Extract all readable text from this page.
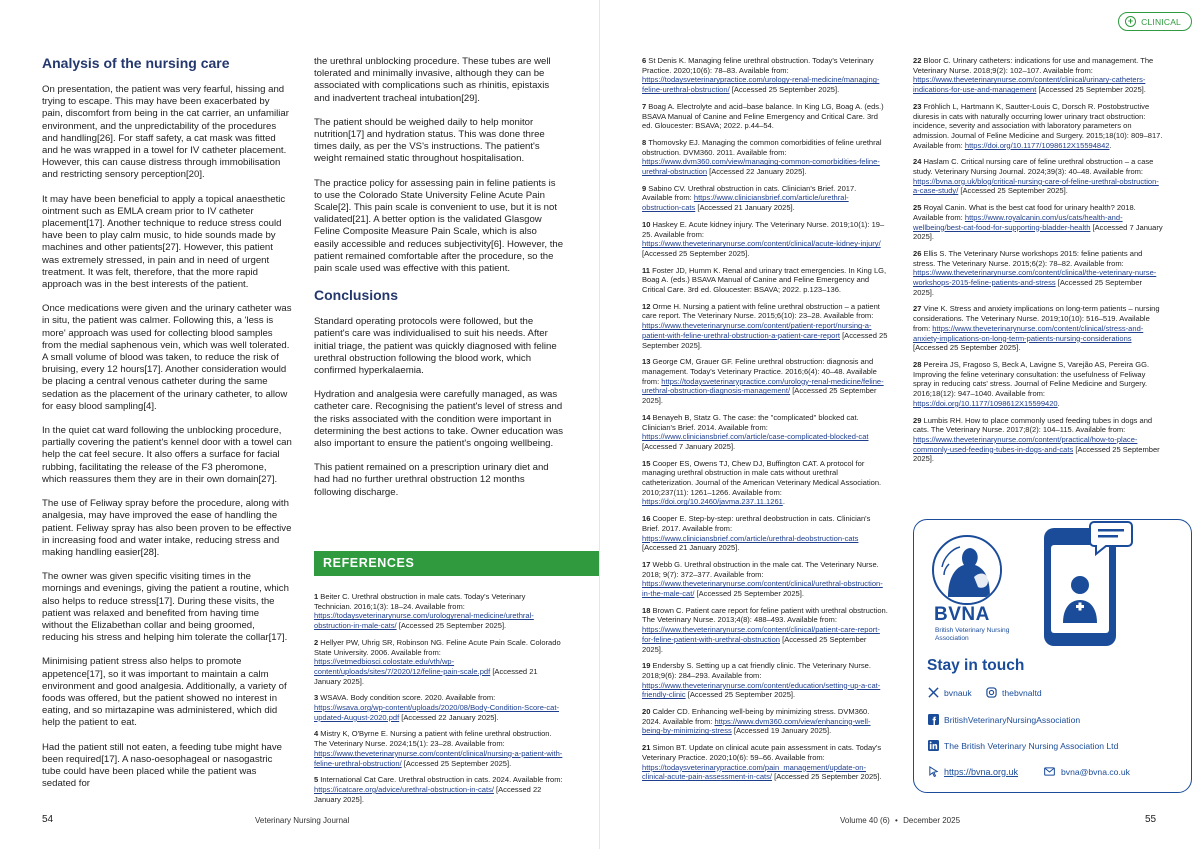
Analysis of the nursing care

On presentation, the patient was very fearful, hissing and trying to escape. This may have been exacerbated by pain, discomfort from being in the cat carrier, an unfamiliar environment, and the unpredictability of the procedures and handling[26]. For staff safety, a cat mask was fitted and he was wrapped in a towel for IV catheter placement. However, this can cause distress through immobilisation and restricting sensory perception[20].

It may have been beneficial to apply a topical anaesthetic ointment such as EMLA cream prior to IV catheter placement[17]. Another technique to reduce stress could have been to play calm music, to hide sounds made by machines and other patients[27]. However, this patient was extremely stressed, in pain and in need of urgent treatment. It was felt, therefore, that the more rapid approach was in the best interests of the patient.

Once medications were given and the urinary catheter was in situ, the patient was calmer. Following this, a 'less is more' approach was used for collecting blood samples from the medial saphenous vein, which was well tolerated. A small volume of blood was taken, to reduce the risk of bruising, every 12 hours[17]. Another consideration would be placing a central venous catheter during the same sedation as the placement of the urinary catheter, to allow for easy blood sampling[4].

In the quiet cat ward following the unblocking procedure, partially covering the patient's kennel door with a towel can help the cat feel secure. It also offers a surface for facial rubbing, facilitating the release of the F3 pheromone, which reassures them they are in their own domain[27].

The use of Feliway spray before the procedure, along with analgesia, may have improved the ease of handling the patient. Feliway spray has also been proven to be effective in increasing food and water intake, reducing stress and making handling easier[28].

The owner was given specific visiting times in the mornings and evenings, giving the patient a routine, which also helps to reduce stress[17]. During these visits, the patient was relaxed and benefited from having time without the Elizabethan collar and being groomed, reducing his stress and helping him tolerate the collar[17].

Minimising patient stress also helps to promote appetence[17], so it was important to maintain a calm environment and good analgesia. Additionally, a variety of foods was offered, but the patient showed no interest in eating, and so mirtazapine was administered, which did help the patient to eat.

Had the patient still not eaten, a feeding tube might have been required[17]. A naso-oesophageal or nasogastric tube could have been placed while the patient was sedated for

the urethral unblocking procedure. These tubes are well tolerated and minimally invasive, although they can be associated with complications such as rhinitis, epistaxis and inadvertent tracheal intubation[29].

The patient should be weighed daily to help monitor nutrition[17] and hydration status. This was done three times daily, as per the VS's instructions. The patient's weight remained static throughout hospitalisation.

The practice policy for assessing pain in feline patients is to use the Colorado State University Feline Acute Pain Scale[2]. This pain scale is convenient to use, but it is not validated[21]. A better option is the validated Glasgow Feline Composite Measure Pain Scale, which is also easily accessible and reduces subjectivity[6]. However, the patient remained comfortable after the procedure, so the pain scale used was effective with this patient.

Conclusions

Standard operating protocols were followed, but the patient's care was individualised to suit his needs. After initial triage, the patient was quickly diagnosed with feline urethral obstruction following the blood work, which confirmed hyperkalaemia.

Hydration and analgesia were carefully managed, as was catheter care. Recognising the patient's level of stress and the risks associated with the condition were important in determining the best actions to take. Owner education was also important to ensure the patient's ongoing wellbeing.

This patient remained on a prescription urinary diet and had had no further urethral obstruction 12 months following discharge.

REFERENCES
1 Beiter C. Urethral obstruction in male cats. Today's Veterinary Technician. 2016;1(3): 18–24. Available from: https://todaysveterinarynurse.com/urologyrenal-medicine/urethral-obstruction-in-male-cats/ [Accessed 25 September 2025].
2 Hellyer PW, Uhrig SR, Robinson NG. Feline Acute Pain Scale. Colorado State University. 2006. Available from: https://vetmedbiosci.colostate.edu/vth/wp-content/uploads/sites/7/2020/12/feline-pain-scale.pdf [Accessed 21 January 2025].
3 WSAVA. Body condition score. 2020. Available from: https://wsava.org/wp-content/uploads/2020/08/Body-Condition-Score-cat-updated-August-2020.pdf [Accessed 22 January 2025].
4 Mistry K, O'Byrne E. Nursing a patient with feline urethral obstruction. The Veterinary Nurse. 2024;15(1): 23–28. Available from: https://www.theveterinarynurse.com/content/clinical/nursing-a-patient-with-feline-urethral-obstruction/ [Accessed 25 September 2025].
5 International Cat Care. Urethral obstruction in cats. 2024. Available from: https://icatcare.org/advice/urethral-obstruction-in-cats/ [Accessed 22 January 2025].
54	Veterinary Nursing Journal
+ CLINICAL
6 St Denis K. Managing feline urethral obstruction. Today's Veterinary Practice. 2020;10(6): 78–83. Available from: https://todaysveterinarypractice.com/urology-renal-medicine/managing-feline-urethral-obstruction/ [Accessed 25 September 2025].
7 Boag A. Electrolyte and acid–base balance. In King LG, Boag A. (eds.) BSAVA Manual of Canine and Feline Emergency and Critical Care. 3rd ed. Gloucester: BSAVA; 2022. p.44–54.
8 Thomovsky EJ. Managing the common comorbidities of feline urethral obstruction. DVM360. 2011. Available from: https://www.dvm360.com/view/managing-common-comorbidities-feline-urethral-obstruction [Accessed 22 January 2025].
9 Sabino CV. Urethral obstruction in cats. Clinician's Brief. 2017. Available from: https://www.cliniciansbrief.com/article/urethral-obstruction-cats [Accessed 21 January 2025].
10 Haskey E. Acute kidney injury. The Veterinary Nurse. 2019;10(1): 19–25. Available from: https://www.theveterinarynurse.com/content/clinical/acute-kidney-injury/ [Accessed 25 September 2025].
11 Foster JD, Humm K. Renal and urinary tract emergencies. In King LG, Boag A. (eds.) BSAVA Manual of Canine and Feline Emergency and Critical Care. 3rd ed. Gloucester: BSAVA; 2022. p.123–136.
12 Orme H. Nursing a patient with feline urethral obstruction – a patient care report. The Veterinary Nurse. 2015;6(10): 23–28. Available from: https://www.theveterinarynurse.com/content/patient-report/nursing-a-patient-with-feline-urethral-obstruction-a-patient-care-report [Accessed 25 September 2025].
13 George CM, Grauer GF. Feline urethral obstruction: diagnosis and management. Today's Veterinary Practice. 2016;6(4): 40–48. Available from: https://todaysveterinarypractice.com/urology-renal-medicine/feline-urethral-obstruction-diagnosis-management/ [Accessed 25 September 2025].
14 Benayeh B, Statz G. The case: the "complicated" blocked cat. Clinician's Brief. 2014. Available from: https://www.cliniciansbrief.com/article/case-complicated-blocked-cat [Accessed 7 January 2025].
15 Cooper ES, Owens TJ, Chew DJ, Buffington CAT. A protocol for managing urethral obstruction in male cats without urethral catheterization. Journal of the American Veterinary Medical Association. 2010;237(11): 1261–1266. Available from: https://doi.org/10.2460/javma.237.11.1261.
16 Cooper E. Step-by-step: urethral deobstruction in cats. Clinician's Brief. 2017. Available from: https://www.cliniciansbrief.com/article/urethral-deobstruction-cats [Accessed 21 January 2025].
17 Webb G. Urethral obstruction in the male cat. The Veterinary Nurse. 2018; 9(7): 372–377. Available from: https://www.theveterinarynurse.com/content/clinical/urethral-obstruction-in-the-male-cat/ [Accessed 25 September 2025].
18 Brown C. Patient care report for feline patient with urethral obstruction. The Veterinary Nurse. 2013;4(8): 488–493. Available from: https://www.theveterinarynurse.com/content/clinical/patient-care-report-for-feline-patient-with-urethral-obstruction [Accessed 25 September 2025].
19 Endersby S. Setting up a cat friendly clinic. The Veterinary Nurse. 2018;9(6): 284–293. Available from: https://www.theveterinarynurse.com/content/education/setting-up-a-cat-friendly-clinic [Accessed 25 September 2025].
20 Calder CD. Enhancing well-being by minimizing stress. DVM360. 2024. Available from: https://www.dvm360.com/view/enhancing-well-being-by-minimizing-stress [Accessed 19 January 2025].
21 Simon BT. Update on clinical acute pain assessment in cats. Today's Veterinary Practice. 2020;10(6): 59–66. Available from: https://todaysveterinarypractice.com/pain_management/update-on-clinical-acute-pain-assessment-in-cats/ [Accessed 25 September 2025].
22 Bloor C. Urinary catheters: indications for use and management. The Veterinary Nurse. 2018;9(2): 102–107. Available from: https://www.theveterinarynurse.com/content/clinical/urinary-catheters-indications-for-use-and-management [Accessed 25 September 2025].
23 Fröhlich L, Hartmann K, Sautter-Louis C, Dorsch R. Postobstructive diuresis in cats with naturally occurring lower urinary tract obstruction: incidence, severity and association with laboratory parameters on admission. Journal of Feline Medicine and Surgery. 2015;18(10): 809–817. Available from: https://doi.org/10.1177/1098612X15594842.
24 Haslam C. Critical nursing care of feline urethral obstruction – a case study. Veterinary Nursing Journal. 2024;39(3): 40–48. Available from: https://bvna.org.uk/blog/critical-nursing-care-of-feline-urethral-obstruction-a-case-study/ [Accessed 25 September 2025].
25 Royal Canin. What is the best cat food for urinary health? 2018. Available from: https://www.royalcanin.com/us/cats/health-and-wellbeing/best-cat-food-for-supporting-bladder-health [Accessed 7 January 2025].
26 Ellis S. The Veterinary Nurse workshops 2015: feline patients and stress. The Veterinary Nurse. 2015;6(2): 78–82. Available from: https://www.theveterinarynurse.com/content/clinical/the-veterinary-nurse-workshops-2015-feline-patients-and-stress [Accessed 25 September 2025].
27 Vine K. Stress and anxiety implications on long-term patients – nursing considerations. The Veterinary Nurse. 2019;10(10): 516–519. Available from: https://www.theveterinarynurse.com/content/clinical/stress-and-anxiety-implications-on-long-term-patients-nursing-considerations [Accessed 25 September 2025].
28 Pereira JS, Fragoso S, Beck A, Lavigne S, Varejão AS, Pereira GG. Improving the feline veterinary consultation: the usefulness of Feliway spray in reducing cats' stress. Journal of Feline Medicine and Surgery. 2016;18(12): 947–1040. Available from: https://doi.org/10.1177/1098612X15599420.
29 Lumbis RH. How to place commonly used feeding tubes in dogs and cats. The Veterinary Nurse. 2017;8(2): 104–115. Available from: https://www.theveterinarynurse.com/content/practical/how-to-place-commonly-used-feeding-tubes-in-dogs-and-cats [Accessed 25 September 2025].
BVNA
British Veterinary Nursing Association
Stay in touch
bvnauk	thebvnaltd
BritishVeterinaryNursingAssociation
The British Veterinary Nursing Association Ltd
https://bvna.org.uk	bvna@bvna.co.uk
Volume 40 (6) • December 2025	55
